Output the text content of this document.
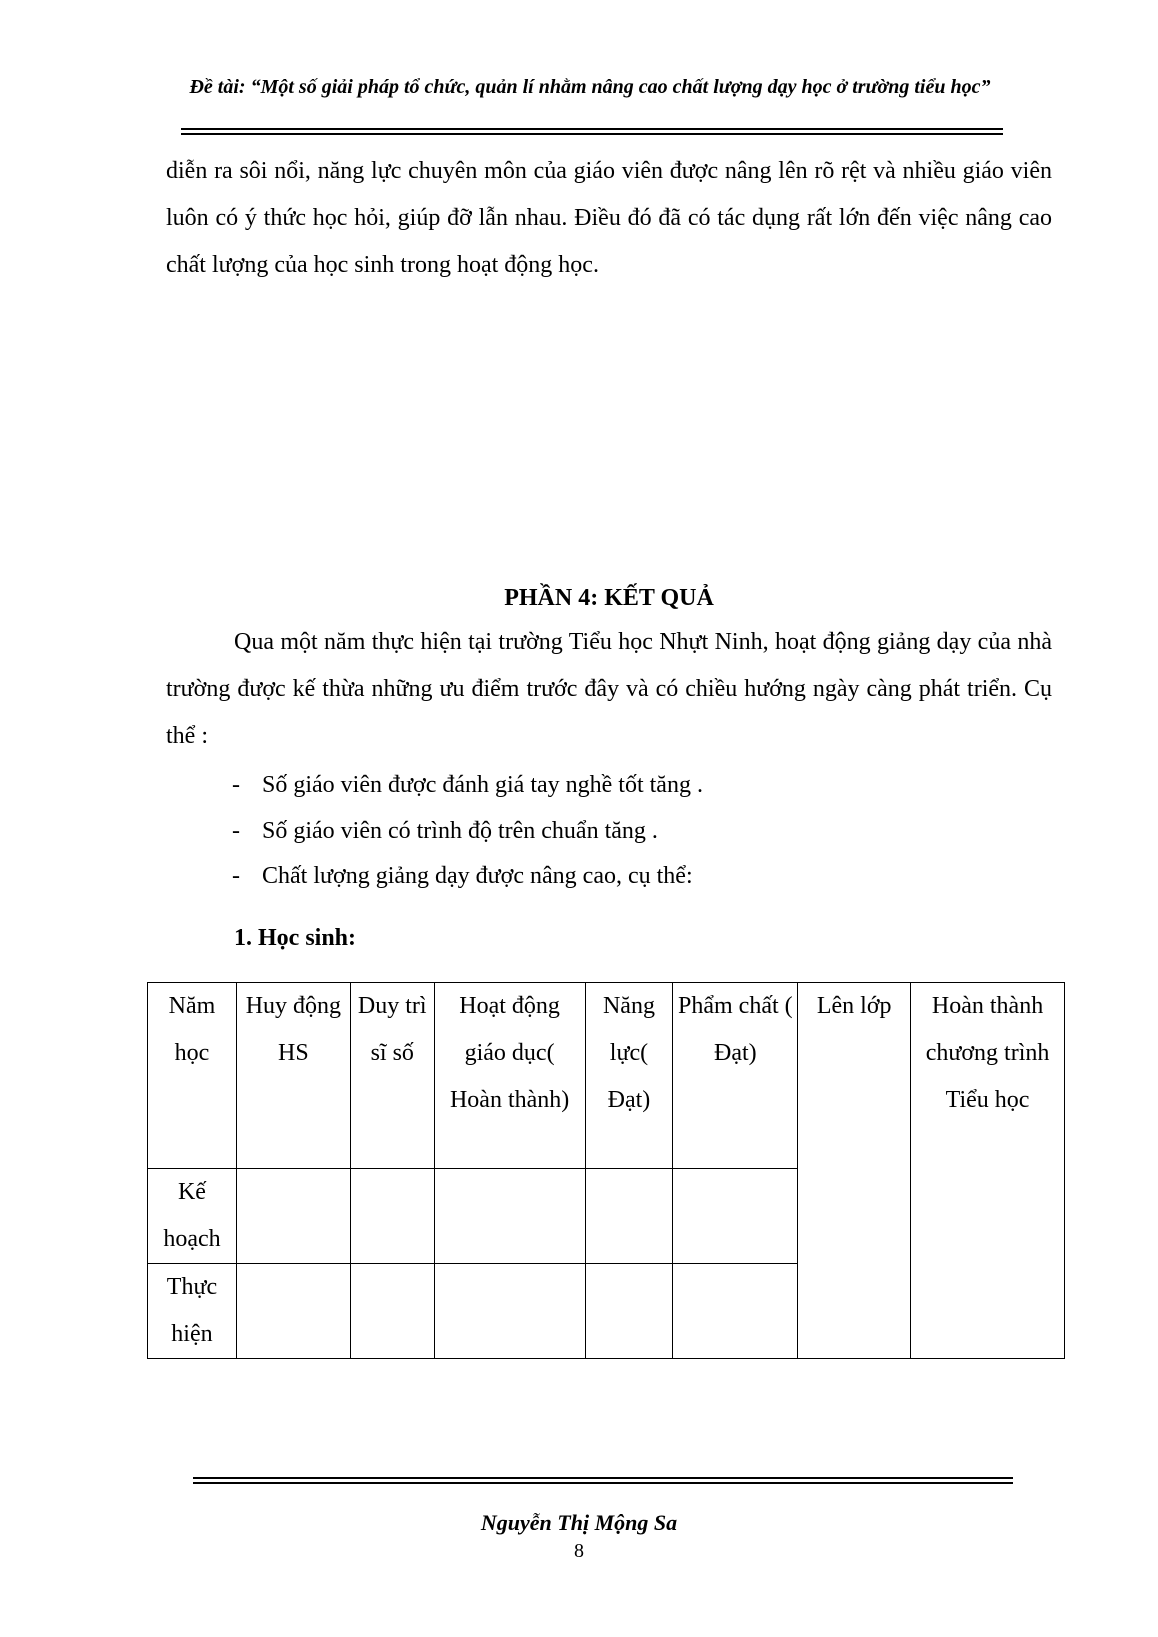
Đề tài: “Một số giải pháp tổ chức, quản lí nhằm nâng cao chất lượng dạy học ở trường tiểu học”

diễn ra sôi nổi, năng lực chuyên môn của giáo viên được nâng lên rõ rệt và nhiều giáo viên luôn có ý thức học hỏi, giúp đỡ lẫn nhau. Điều đó đã có tác dụng rất lớn đến việc nâng cao chất lượng của học sinh trong hoạt động học.

PHẦN 4: KẾT QUẢ

Qua một năm thực hiện tại trường Tiểu học Nhựt Ninh, hoạt động giảng dạy của nhà trường được kế thừa những ưu điểm trước đây và có chiều hướng ngày càng phát triển. Cụ thể :

- Số giáo viên được đánh giá tay nghề tốt tăng .
- Số giáo viên có trình độ trên chuẩn tăng .
- Chất lượng giảng dạy được nâng cao, cụ thể:
1. Học sinh:
Năm học	Huy động HS	Duy trì sĩ số	Hoạt động giáo dục( Hoàn thành)	Năng lực( Đạt)	Phẩm chất ( Đạt)	Lên lớp	Hoàn thành chương trình Tiểu học
Kế hoạch							
Thực hiện							
Nguyễn Thị Mộng Sa
8
